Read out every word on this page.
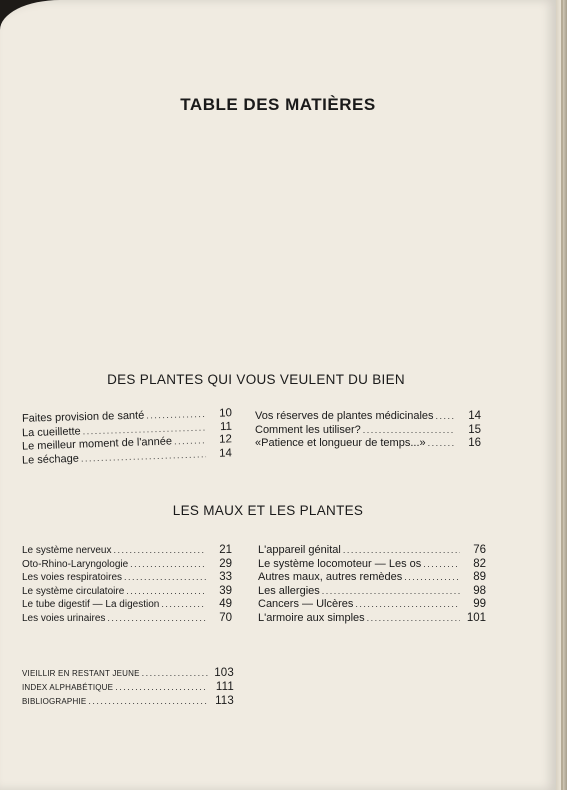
TABLE DES MATIÈRES
DES PLANTES QUI VOUS VEULENT DU BIEN
Faites provision de santé .....	10
La cueillette .....	11
Le meilleur moment de l'année .....	12
Le séchage .....	14
Vos réserves de plantes médicinales .....	14
Comment les utiliser? .....	15
«Patience et longueur de temps...» .....	16
LES MAUX ET LES PLANTES
Le système nerveux .....	21
Oto-Rhino-Laryngologie .....	29
Les voies respiratoires .....	33
Le système circulatoire .....	39
Le tube digestif — La digestion .....	49
Les voies urinaires .....	70
L'appareil génital .....	76
Le système locomoteur — Les os .....	82
Autres maux, autres remèdes .....	89
Les allergies .....	98
Cancers — Ulcères .....	99
L'armoire aux simples .....	101
VIEILLIR EN RESTANT JEUNE .....	103
INDEX ALPHABÉTIQUE .....	111
BIBLIOGRAPHIE .....	113
